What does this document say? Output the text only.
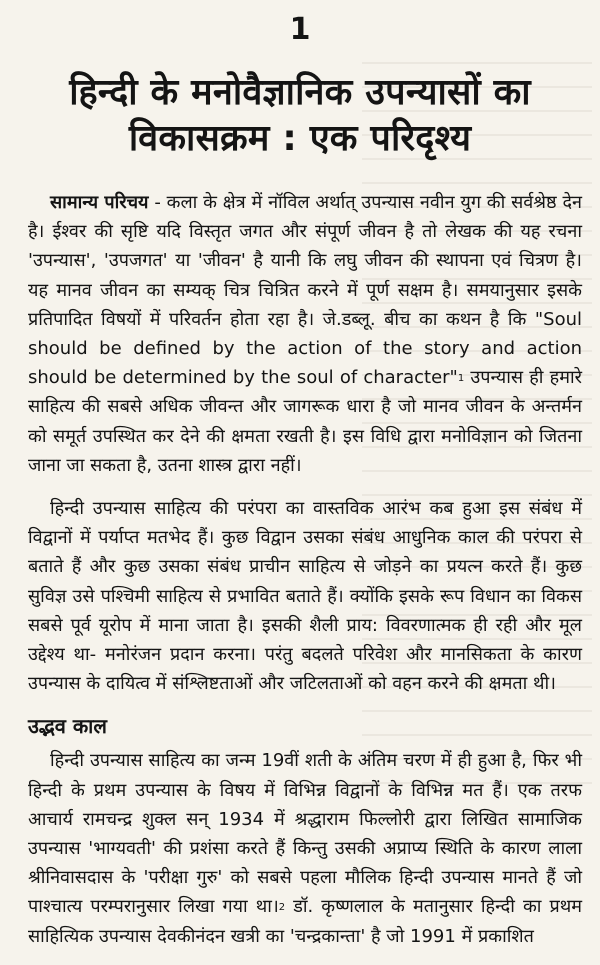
1
हिन्दी के मनोवैज्ञानिक उपन्यासों का
विकासक्रम : एक परिदृश्य

सामान्य परिचय - कला के क्षेत्र में नॉविल अर्थात् उपन्यास नवीन युग की सर्वश्रेष्ठ देन है। ईश्वर की सृष्टि यदि विस्तृत जगत और संपूर्ण जीवन है तो लेखक की यह रचना 'उपन्यास', 'उपजगत' या 'जीवन' है यानी कि लघु जीवन की स्थापना एवं चित्रण है। यह मानव जीवन का सम्यक् चित्र चित्रित करने में पूर्ण सक्षम है। समयानुसार इसके प्रतिपादित विषयों में परिवर्तन होता रहा है। जे.डब्लू. बीच का कथन है कि "Soul should be defined by the action of the story and action should be determined by the soul of character"$^1$ उपन्यास ही हमारे साहित्य की सबसे अधिक जीवन्त और जागरूक धारा है जो मानव जीवन के अन्तर्मन को समूर्त उपस्थित कर देने की क्षमता रखती है। इस विधि द्वारा मनोविज्ञान को जितना जाना जा सकता है, उतना शास्त्र द्वारा नहीं।

हिन्दी उपन्यास साहित्य की परंपरा का वास्तविक आरंभ कब हुआ इस संबंध में विद्वानों में पर्याप्त मतभेद हैं। कुछ विद्वान उसका संबंध आधुनिक काल की परंपरा से बताते हैं और कुछ उसका संबंध प्राचीन साहित्य से जोड़ने का प्रयत्न करते हैं। कुछ सुविज्ञ उसे पश्चिमी साहित्य से प्रभावित बताते हैं। क्योंकि इसके रूप विधान का विकस सबसे पूर्व यूरोप में माना जाता है। इसकी शैली प्राय: विवरणात्मक ही रही और मूल उद्देश्य था- मनोरंजन प्रदान करना। परंतु बदलते परिवेश और मानसिकता के कारण उपन्यास के दायित्व में संश्लिष्टताओं और जटिलताओं को वहन करने की क्षमता थी।

उद्भव काल

हिन्दी उपन्यास साहित्य का जन्म 19वीं शती के अंतिम चरण में ही हुआ है, फिर भी हिन्दी के प्रथम उपन्यास के विषय में विभिन्न विद्वानों के विभिन्न मत हैं। एक तरफ आचार्य रामचन्द्र शुक्ल सन् 1934 में श्रद्धाराम फिल्लोरी द्वारा लिखित सामाजिक उपन्यास 'भाग्यवती' की प्रशंसा करते हैं किन्तु उसकी अप्राप्य स्थिति के कारण लाला श्रीनिवासदास के 'परीक्षा गुरु' को सबसे पहला मौलिक हिन्दी उपन्यास मानते हैं जो पाश्चात्य परम्परानुसार लिखा गया था।$^2$ डॉ. कृष्णलाल के मतानुसार हिन्दी का प्रथम साहित्यिक उपन्यास देवकीनंदन खत्री का 'चन्द्रकान्ता' है जो 1991 में प्रकाशित
